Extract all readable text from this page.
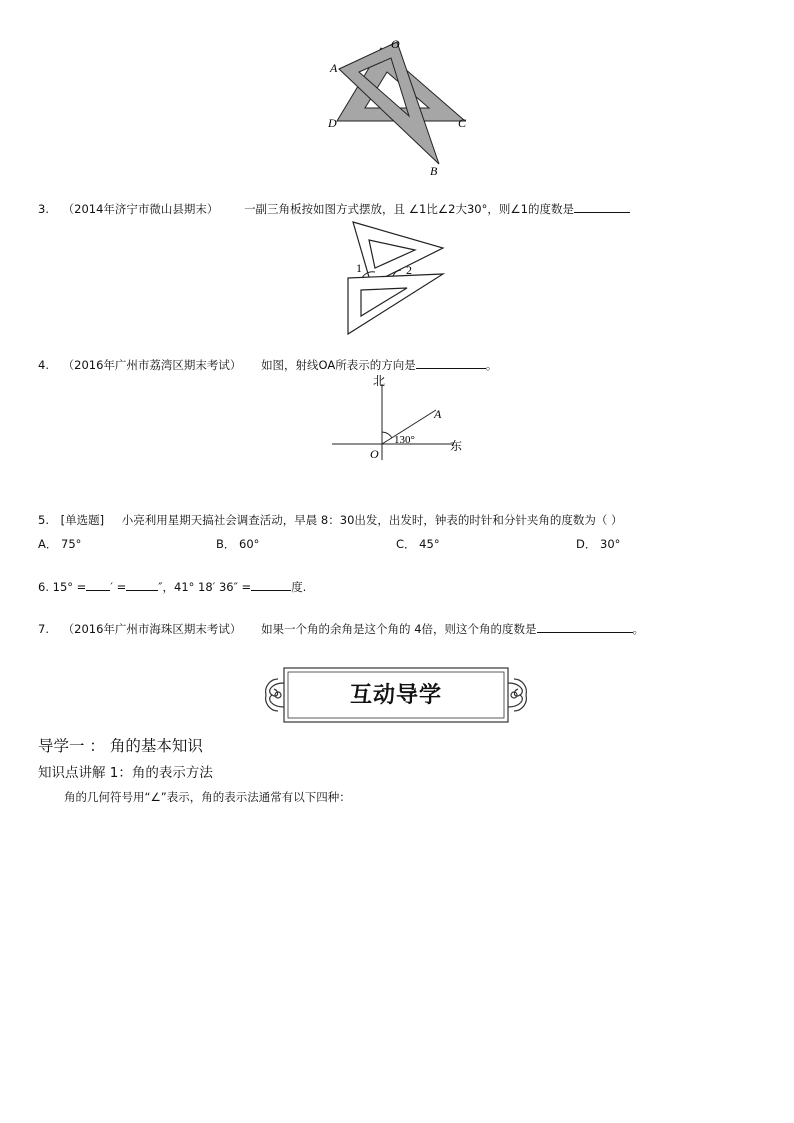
O
A
D	C
B
3. （2014年济宁市微山县期末） 一副三角板按如图方式摆放，且 ∠1比∠2大30°，则∠1的度数是
1	2
4. （2016年广州市荔湾区期末考试） 如图，射线OA所表示的方向是	。
北
东
O
A
130°
5. [单选题] 小亮利用星期天搞社会调查活动，早晨 8：30出发，出发时，钟表的时针和分针夹角的度数为（ ）
A． 75°	B． 60°	C． 45°	D． 30°
6. 15° = ′ =	″，41° 18′ 36″ =	度.
7. （2016年广州市海珠区期末考试） 如果一个角的余角是这个角的 4倍，则这个角的度数是	。
互动导学
导学一 ： 角的基本知识
知识点讲解 1：角的表示方法
角的几何符号用“∠”表示，角的表示法通常有以下四种：
